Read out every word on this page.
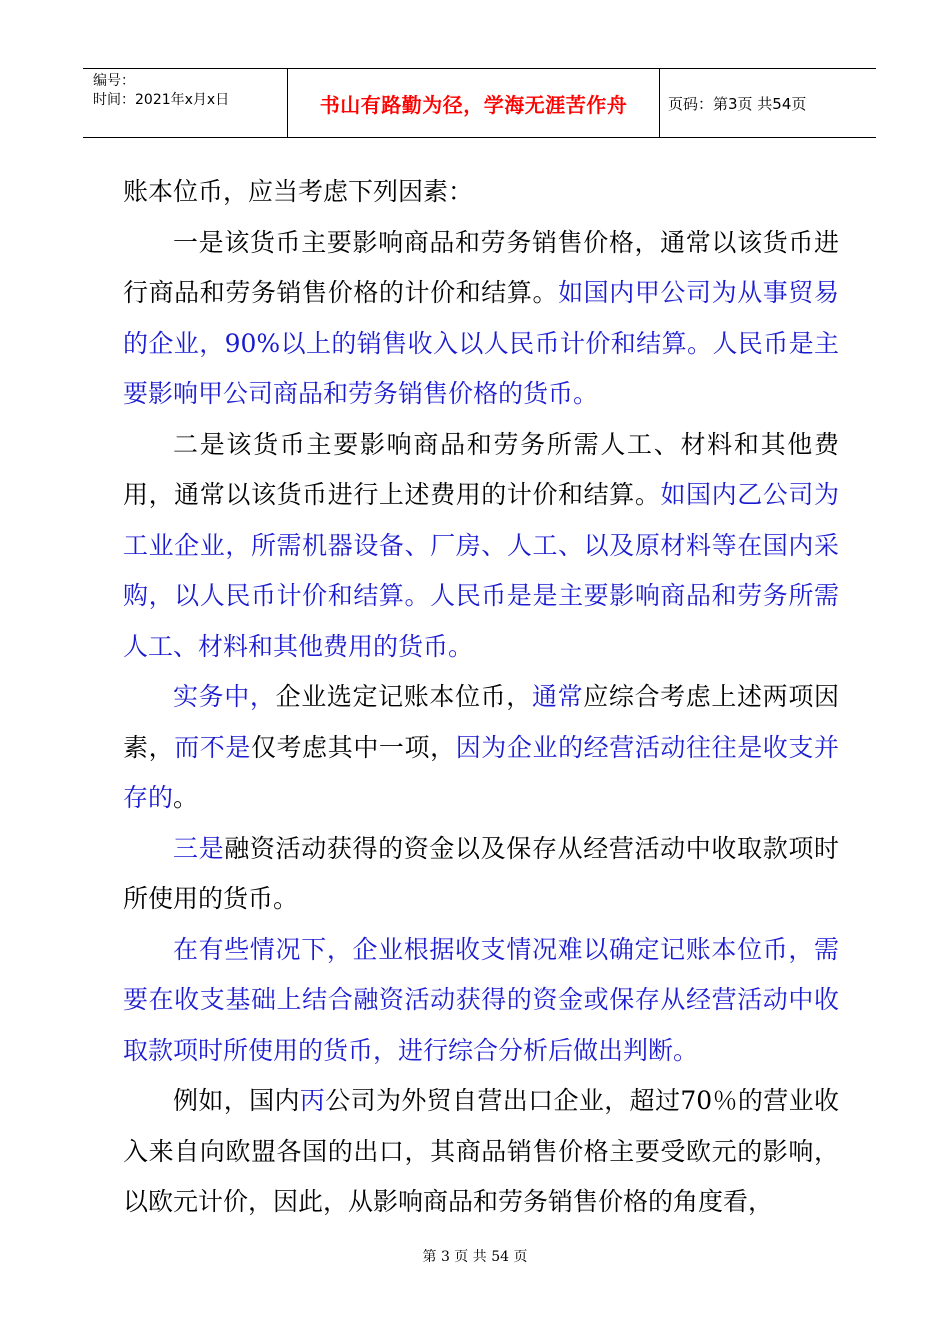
编号：
时间：2021年x月x日	书山有路勤为径，学海无涯苦作舟	页码：第3页 共54页

账本位币，应当考虑下列因素：

一是该货币主要影响商品和劳务销售价格，通常以该货币进行商品和劳务销售价格的计价和结算。如国内甲公司为从事贸易的企业，90%以上的销售收入以人民币计价和结算。人民币是主要影响甲公司商品和劳务销售价格的货币。

二是该货币主要影响商品和劳务所需人工、材料和其他费用，通常以该货币进行上述费用的计价和结算。如国内乙公司为工业企业，所需机器设备、厂房、人工、以及原材料等在国内采购，以人民币计价和结算。人民币是是主要影响商品和劳务所需人工、材料和其他费用的货币。

实务中，企业选定记账本位币，通常应综合考虑上述两项因素，而不是仅考虑其中一项，因为企业的经营活动往往是收支并存的。

三是融资活动获得的资金以及保存从经营活动中收取款项时所使用的货币。

在有些情况下，企业根据收支情况难以确定记账本位币，需要在收支基础上结合融资活动获得的资金或保存从经营活动中收取款项时所使用的货币，进行综合分析后做出判断。

例如，国内丙公司为外贸自营出口企业，超过70％的营业收入来自向欧盟各国的出口，其商品销售价格主要受欧元的影响，以欧元计价，因此，从影响商品和劳务销售价格的角度看，

第 3 页 共 54 页
